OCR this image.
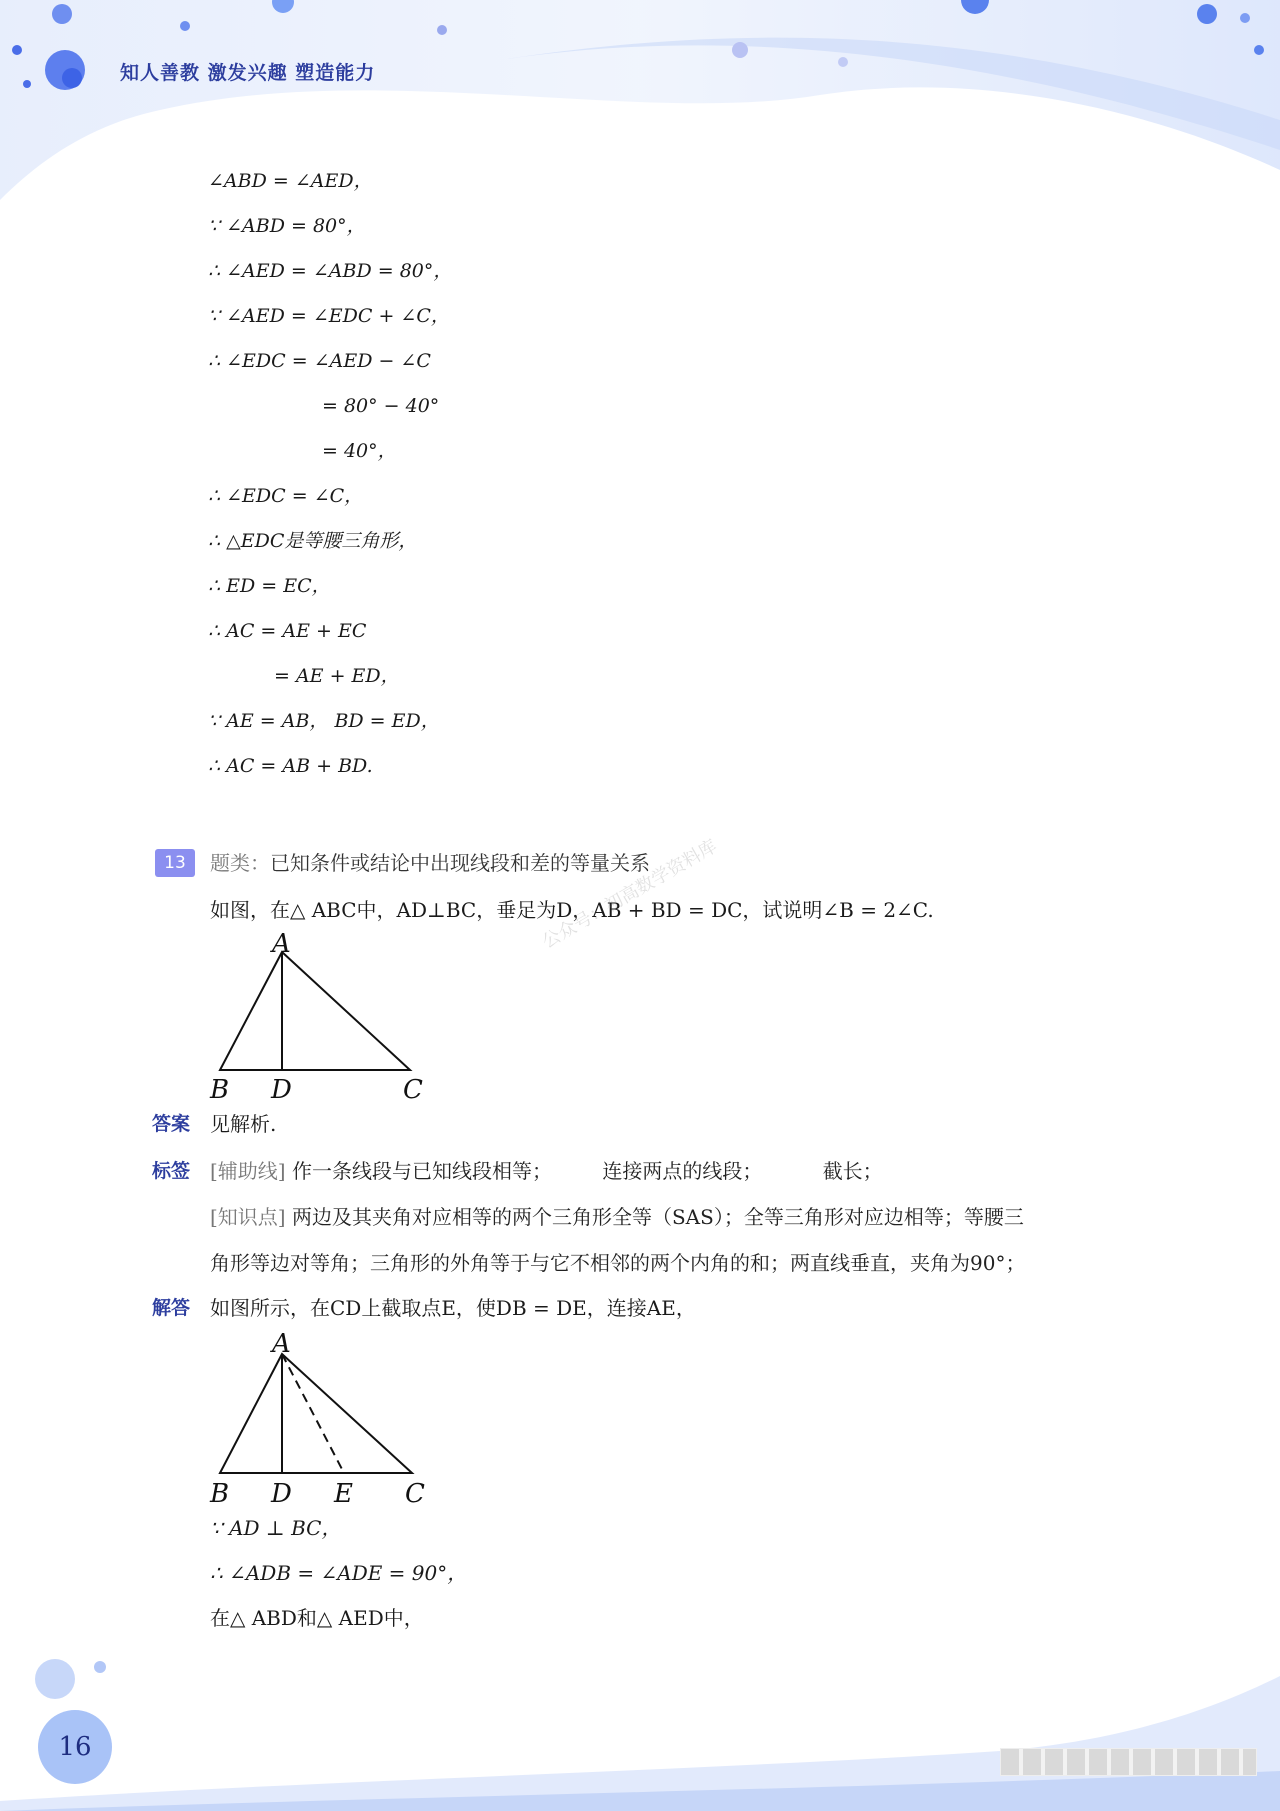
知人善教 激发兴趣 塑造能力
∠ABD = ∠AED，
∵ ∠ABD = 80°，
∴ ∠AED = ∠ABD = 80°，
∵ ∠AED = ∠EDC + ∠C，
∴ ∠EDC = ∠AED − ∠C
= 80° − 40°
= 40°，
∴ ∠EDC = ∠C，
∴ △EDC是等腰三角形，
∴ ED = EC，
∴ AC = AE + EC
= AE + ED，
∵ AE = AB， BD = ED，
∴ AC = AB + BD.
13	题类：已知条件或结论中出现线段和差的等量关系
如图，在△ ABC中，AD⊥BC，垂足为D，AB + BD = DC，试说明∠B = 2∠C.
公众号：初高数学资料库
A
B D	C
答案	见解析.
标签	[辅助线] 作一条线段与已知线段相等；	连接两点的线段；	截长；
[知识点] 两边及其夹角对应相等的两个三角形全等（SAS）；全等三角形对应边相等；等腰三
角形等边对等角；三角形的外角等于与它不相邻的两个内角的和；两直线垂直，夹角为90°；
解答	如图所示，在CD上截取点E，使DB = DE，连接AE，
A
B D E C
∵ AD ⊥ BC，
∴ ∠ADB = ∠ADE = 90°，
在△ ABD和△ AED中，
16
